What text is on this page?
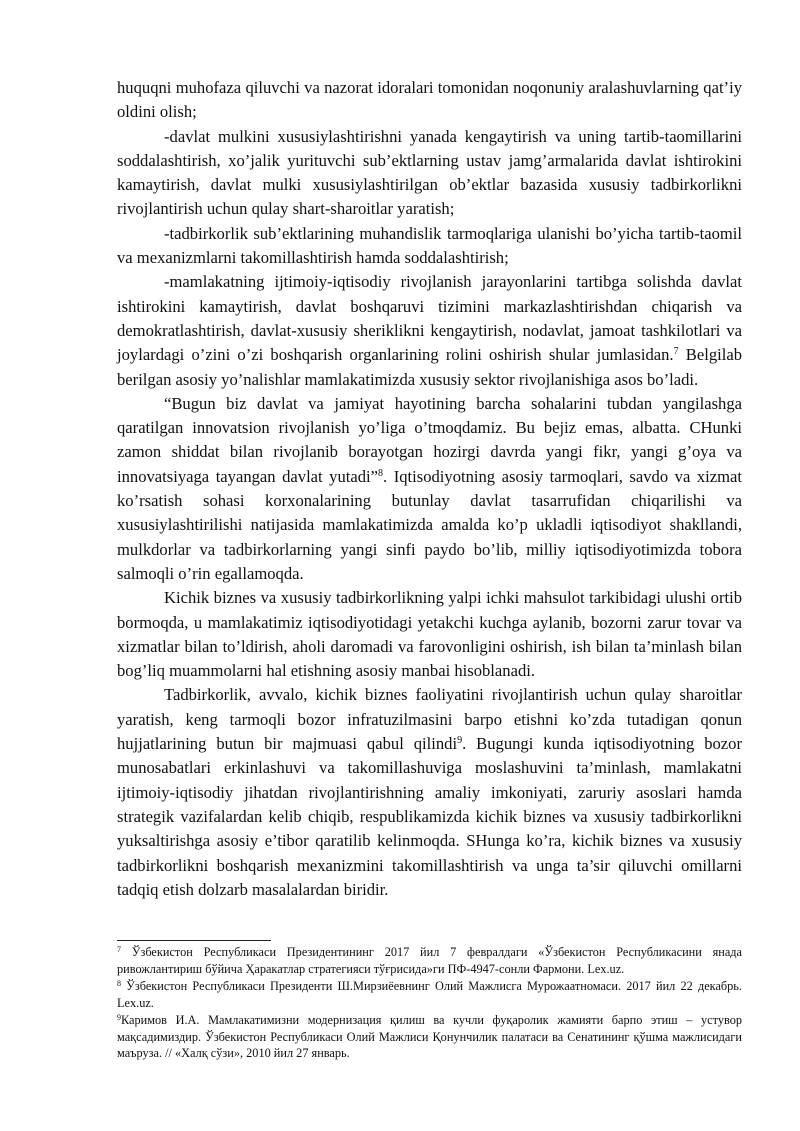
huquqni muhofaza qiluvchi va nazorat idoralari tomonidan noqonuniy aralashuvlarning qat’iy oldini olish;

-davlat mulkini xususiylashtirishni yanada kengaytirish va uning tartib-taomillarini soddalashtirish, xo’jalik yurituvchi sub’ektlarning ustav jamg’armalarida davlat ishtirokini kamaytirish, davlat mulki xususiylashtirilgan ob’ektlar bazasida xususiy tadbirkorlikni rivojlantirish uchun qulay shart-sharoitlar yaratish;

-tadbirkorlik sub’ektlarining muhandislik tarmoqlariga ulanishi bo’yicha tartib-taomil va mexanizmlarni takomillashtirish hamda soddalashtirish;

-mamlakatning ijtimoiy-iqtisodiy rivojlanish jarayonlarini tartibga solishda davlat ishtirokini kamaytirish, davlat boshqaruvi tizimini markazlashtirishdan chiqarish va demokratlashtirish, davlat-xususiy sheriklikni kengaytirish, nodavlat, jamoat tashkilotlari va joylardagi o’zini o’zi boshqarish organlarining rolini oshirish shular jumlasidan.$^7$ Belgilab berilgan asosiy yo’nalishlar mamlakatimizda xususiy sektor rivojlanishiga asos bo’ladi.

“Bugun biz davlat va jamiyat hayotining barcha sohalarini tubdan yangilashga qaratilgan innovatsion rivojlanish yo’liga o’tmoqdamiz. Bu bejiz emas, albatta. CHunki zamon shiddat bilan rivojlanib borayotgan hozirgi davrda yangi fikr, yangi g’oya va innovatsiyaga tayangan davlat yutadi”$^8$. Iqtisodiyotning asosiy tarmoqlari, savdo va xizmat ko’rsatish sohasi korxonalarining butunlay davlat tasarrufidan chiqarilishi va xususiylashtirilishi natijasida mamlakatimizda amalda ko’p ukladli iqtisodiyot shakllandi, mulkdorlar va tadbirkorlarning yangi sinfi paydo bo’lib, milliy iqtisodiyotimizda tobora salmoqli o’rin egallamoqda.

Kichik biznes va xususiy tadbirkorlikning yalpi ichki mahsulot tarkibidagi ulushi ortib bormoqda, u mamlakatimiz iqtisodiyotidagi yetakchi kuchga aylanib, bozorni zarur tovar va xizmatlar bilan to’ldirish, aholi daromadi va farovonligini oshirish, ish bilan ta’minlash bilan bog’liq muammolarni hal etishning asosiy manbai hisoblanadi.

Tadbirkorlik, avvalo, kichik biznes faoliyatini rivojlantirish uchun qulay sharoitlar yaratish, keng tarmoqli bozor infratuzilmasini barpo etishni ko’zda tutadigan qonun hujjatlarining butun bir majmuasi qabul qilindi$^9$. Bugungi kunda iqtisodiyotning bozor munosabatlari erkinlashuvi va takomillashuviga moslashuvini ta’minlash, mamlakatni ijtimoiy-iqtisodiy jihatdan rivojlantirishning amaliy imkoniyati, zaruriy asoslari hamda strategik vazifalardan kelib chiqib, respublikamizda kichik biznes va xususiy tadbirkorlikni yuksaltirishga asosiy e’tibor qaratilib kelinmoqda. SHunga ko’ra, kichik biznes va xususiy tadbirkorlikni boshqarish mexanizmini takomillashtirish va unga ta’sir qiluvchi omillarni tadqiq etish dolzarb masalalardan biridir.

$^7$ Ўзбекистон Республикаси Президентининг 2017 йил 7 февралдаги «Ўзбекистон Республикасини янада ривожлантириш бўйича Ҳаракатлар стратегияси тўғрисида»ги ПФ-4947-сонли Фармони. Lex.uz.

$^8$ Ўзбекистон Республикаси Президенти Ш.Мирзиёевнинг Олий Мажлисга Мурожаатномаси. 2017 йил 22 декабрь. Lex.uz.

$^9$Каримов И.А. Мамлакатимизни модернизация қилиш ва кучли фуқаролик жамияти барпо этиш – устувор мақсадимиздир. Ўзбекистон Республикаси Олий Мажлиси Қонунчилик палатаси ва Сенатининг қўшма мажлисидаги маъруза. // «Халқ сўзи», 2010 йил 27 январь.
